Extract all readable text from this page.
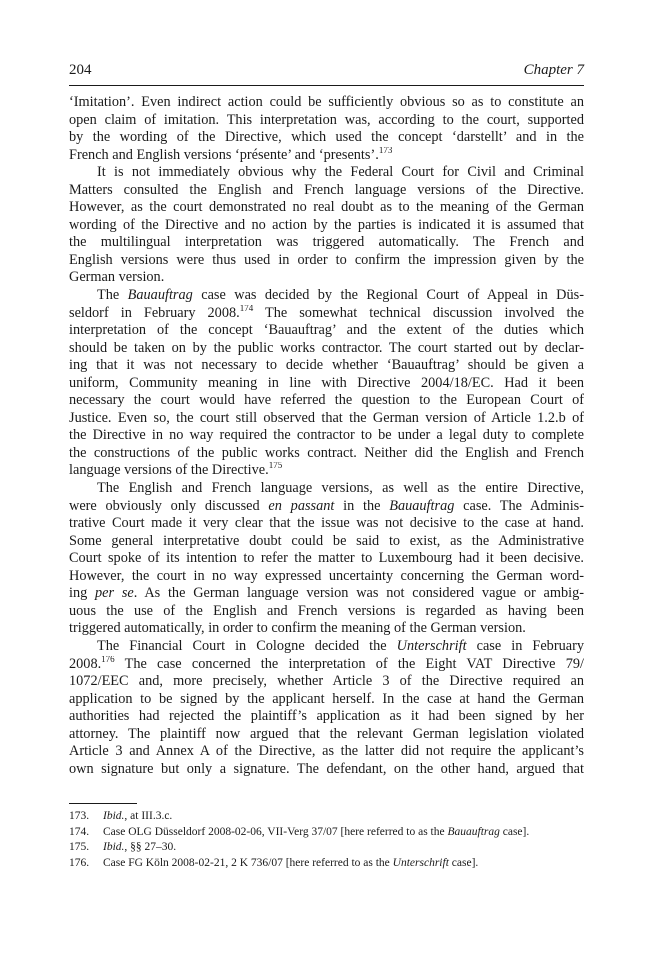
204	Chapter 7
‘Imitation’. Even indirect action could be sufficiently obvious so as to constitute an
open claim of imitation. This interpretation was, according to the court, supported
by the wording of the Directive, which used the concept ‘darstellt’ and in the
French and English versions ‘présente’ and ‘presents’.$^{173}$
It is not immediately obvious why the Federal Court for Civil and Criminal
Matters consulted the English and French language versions of the Directive.
However, as the court demonstrated no real doubt as to the meaning of the German
wording of the Directive and no action by the parties is indicated it is assumed that
the multilingual interpretation was triggered automatically. The French and
English versions were thus used in order to confirm the impression given by the
German version.
The Bauauftrag case was decided by the Regional Court of Appeal in Düs-
seldorf in February 2008.$^{174}$ The somewhat technical discussion involved the
interpretation of the concept ‘Bauauftrag’ and the extent of the duties which
should be taken on by the public works contractor. The court started out by declar-
ing that it was not necessary to decide whether ‘Bauauftrag’ should be given a
uniform, Community meaning in line with Directive 2004/18/EC. Had it been
necessary the court would have referred the question to the European Court of
Justice. Even so, the court still observed that the German version of Article 1.2.b of
the Directive in no way required the contractor to be under a legal duty to complete
the constructions of the public works contract. Neither did the English and French
language versions of the Directive.$^{175}$
The English and French language versions, as well as the entire Directive,
were obviously only discussed en passant in the Bauauftrag case. The Adminis-
trative Court made it very clear that the issue was not decisive to the case at hand.
Some general interpretative doubt could be said to exist, as the Administrative
Court spoke of its intention to refer the matter to Luxembourg had it been decisive.
However, the court in no way expressed uncertainty concerning the German word-
ing per se. As the German language version was not considered vague or ambig-
uous the use of the English and French versions is regarded as having been
triggered automatically, in order to confirm the meaning of the German version.
The Financial Court in Cologne decided the Unterschrift case in February
2008.$^{176}$ The case concerned the interpretation of the Eight VAT Directive 79/
1072/EEC and, more precisely, whether Article 3 of the Directive required an
application to be signed by the applicant herself. In the case at hand the German
authorities had rejected the plaintiff’s application as it had been signed by her
attorney. The plaintiff now argued that the relevant German legislation violated
Article 3 and Annex A of the Directive, as the latter did not require the applicant’s
own signature but only a signature. The defendant, on the other hand, argued that
173. Ibid., at III.3.c.
174. Case OLG Düsseldorf 2008-02-06, VII-Verg 37/07 [here referred to as the Bauauftrag case].
175. Ibid., §§ 27–30.
176. Case FG Köln 2008-02-21, 2 K 736/07 [here referred to as the Unterschrift case].
